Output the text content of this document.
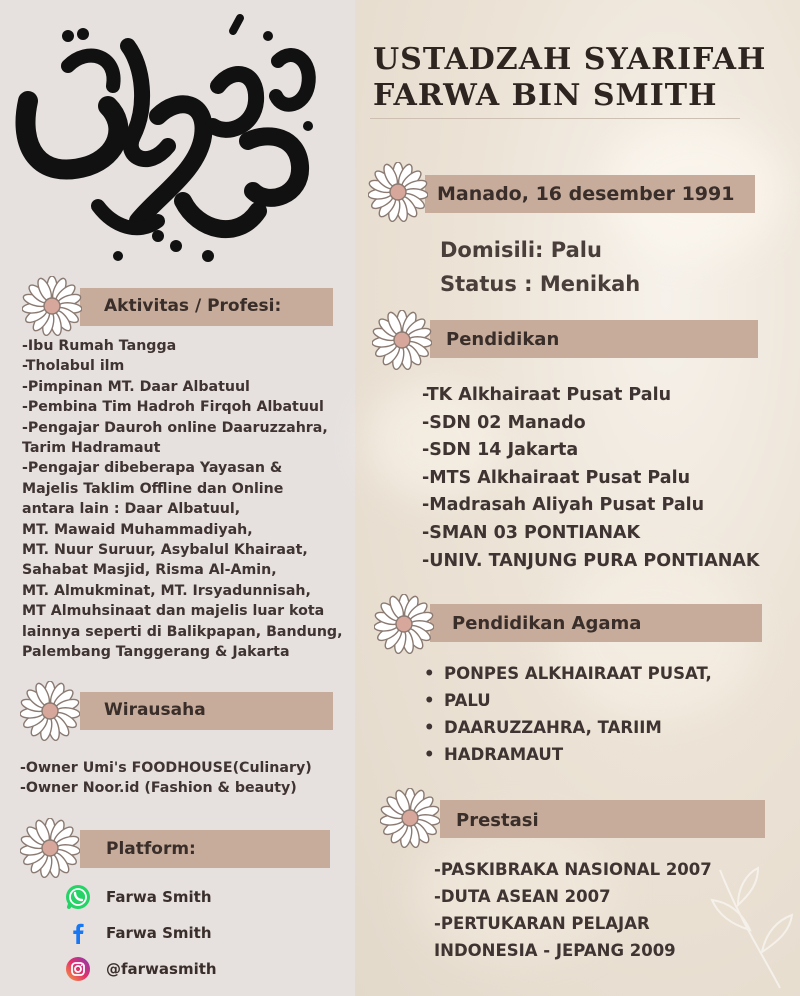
USTADZAH SYARIFAH
FARWA BIN SMITH
Manado, 16 desember 1991
Domisili: Palu
Status : Menikah
Pendidikan
-TK Alkhairaat Pusat Palu
-SDN 02 Manado
-SDN 14 Jakarta
-MTS Alkhairaat Pusat Palu
-Madrasah Aliyah Pusat Palu
-SMAN 03 PONTIANAK
-UNIV. TANJUNG PURA PONTIANAK
Pendidikan Agama
• PONPES ALKHAIRAAT PUSAT,
• PALU
• DAARUZZAHRA, TARIIM
• HADRAMAUT
Prestasi
-PASKIBRAKA NASIONAL 2007
-DUTA ASEAN 2007
-PERTUKARAN PELAJAR
INDONESIA - JEPANG 2009
Aktivitas / Profesi:
-Ibu Rumah Tangga
-Tholabul ilm
-Pimpinan MT. Daar Albatuul
-Pembina Tim Hadroh Firqoh Albatuul
-Pengajar Dauroh online Daaruzzahra,
Tarim Hadramaut
-Pengajar dibeberapa Yayasan &
Majelis Taklim Offline dan Online
antara lain : Daar Albatuul,
MT. Mawaid Muhammadiyah,
MT. Nuur Suruur, Asybalul Khairaat,
Sahabat Masjid, Risma Al-Amin,
MT. Almukminat, MT. Irsyadunnisah,
MT Almuhsinaat dan majelis luar kota
lainnya seperti di Balikpapan, Bandung,
Palembang Tanggerang & Jakarta
Wirausaha
-Owner Umi's FOODHOUSE(Culinary)
-Owner Noor.id (Fashion & beauty)
Platform:
Farwa Smith
Farwa Smith
@farwasmith
